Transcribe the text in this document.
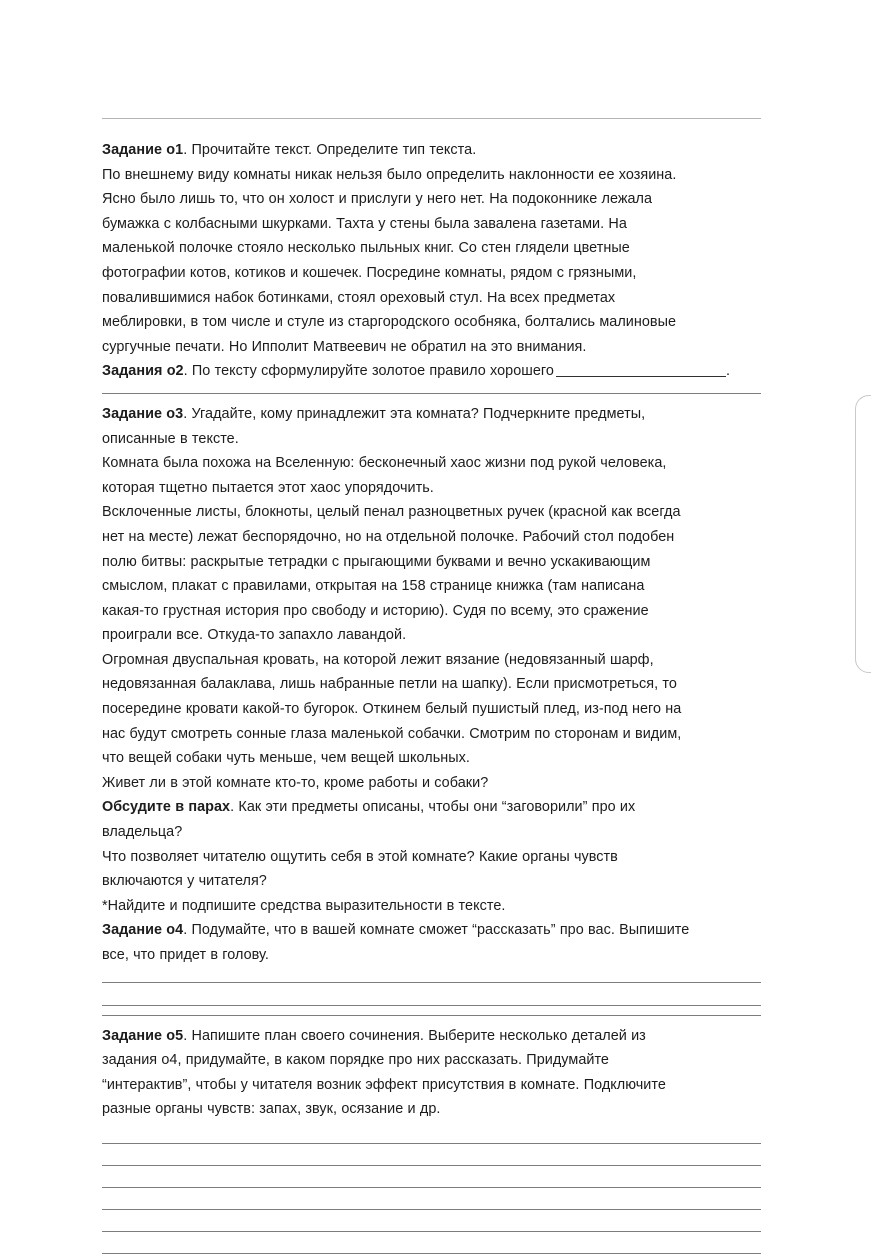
Задание о1. Прочитайте текст. Определите тип текста.

По внешнему виду комнаты никак нельзя было определить наклонности ее хозяина.

Ясно было лишь то, что он холост и прислуги у него нет. На подоконнике лежала

бумажка с колбасными шкурками. Тахта у стены была завалена газетами. На

маленькой полочке стояло несколько пыльных книг. Со стен глядели цветные

фотографии котов, котиков и кошечек. Посредине комнаты, рядом с грязными,

повалившимися набок ботинками, стоял ореховый стул. На всех предметах

меблировки, в том числе и стуле из старгородского особняка, болтались малиновые

сургучные печати. Но Ипполит Матвеевич не обратил на это внимания.

Задания о2. По тексту сформулируйте золотое правило хорошего	.

Задание о3. Угадайте, кому принадлежит эта комната? Подчеркните предметы,

описанные в тексте.

Комната была похожа на Вселенную: бесконечный хаос жизни под рукой человека,

которая тщетно пытается этот хаос упорядочить.

Всклоченные листы, блокноты, целый пенал разноцветных ручек (красной как всегда

нет на месте) лежат беспорядочно, но на отдельной полочке. Рабочий стол подобен

полю битвы: раскрытые тетрадки с прыгающими буквами и вечно ускакивающим

смыслом, плакат с правилами, открытая на 158 странице книжка (там написана

какая-то грустная история про свободу и историю). Судя по всему, это сражение

проиграли все. Откуда-то запахло лавандой.

Огромная двуспальная кровать, на которой лежит вязание (недовязанный шарф,

недовязанная балаклава, лишь набранные петли на шапку). Если присмотреться, то

посередине кровати какой-то бугорок. Откинем белый пушистый плед, из-под него на

нас будут смотреть сонные глаза маленькой собачки. Смотрим по сторонам и видим,

что вещей собаки чуть меньше, чем вещей школьных.

Живет ли в этой комнате кто-то, кроме работы и собаки?

Обсудите в парах. Как эти предметы описаны, чтобы они “заговорили” про их

владельца?

Что позволяет читателю ощутить себя в этой комнате? Какие органы чувств

включаются у читателя?

*Найдите и подпишите средства выразительности в тексте.

Задание о4. Подумайте, что в вашей комнате сможет “рассказать” про вас. Выпишите

все, что придет в голову.

Задание о5. Напишите план своего сочинения. Выберите несколько деталей из

задания о4, придумайте, в каком порядке про них рассказать. Придумайте

“интерактив”, чтобы у читателя возник эффект присутствия в комнате. Подключите

разные органы чувств: запах, звук, осязание и др.
